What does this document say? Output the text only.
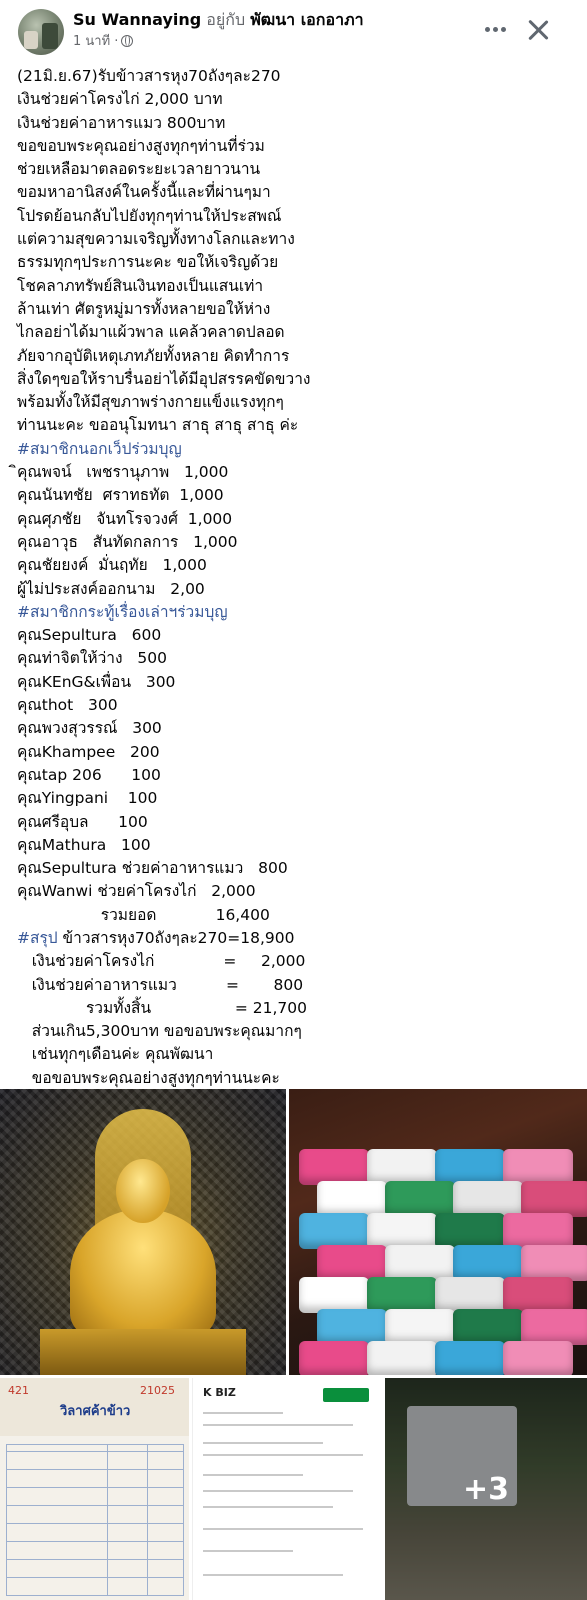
Su Wannaying อยู่กับ พัฒนา เอกอาภา
1 นาที ·
(21มิ.ย.67)รับข้าวสารหุง70ถังๆละ270
เงินช่วยค่าโครงไก่ 2,000 บาท
เงินช่วยค่าอาหารแมว 800บาท
ขอขอบพระคุณอย่างสูงทุกๆท่านที่ร่วม
ช่วยเหลือมาตลอดระยะเวลายาวนาน
ขอมหาอานิสงค์ในครั้งนี้และที่ผ่านๆมา
โปรดย้อนกลับไปยังทุกๆท่านให้ประสพณ์
แต่ความสุขความเจริญทั้งทางโลกและทาง
ธรรมทุกๆประการนะคะ ขอให้เจริญด้วย
โชคลาภทรัพย์สินเงินทองเป็นแสนเท่า
ล้านเท่า ศัตรูหมู่มารทั้งหลายขอให้ห่าง
ไกลอย่าได้มาแผ้วพาล แคล้วคลาดปลอด
ภัยจากอุบัติเหตุเภทภัยทั้งหลาย คิดทำการ
สิ่งใดๆขอให้ราบรื่นอย่าได้มีอุปสรรคขัดขวาง
พร้อมทั้งให้มีสุขภาพร่างกายแข็งแรงทุกๆ
ท่านนะคะ ขออนุโมทนา สาธุ สาธุ สาธุ ค่ะ
#สมาชิกนอกเว็ปร่วมบุญ
ิคุณพจน์   เพชรานุภาพ   1,000
คุณนันทชัย  ศราทธทัต  1,000
คุณศุภชัย   จันทโรจวงศ์  1,000
คุณอาวุธ   สันทัดกลการ   1,000
คุณชัยยงค์  มั่นฤทัย   1,000
ผู้ไม่ประสงค์ออกนาม   2,00
#สมาชิกกระทู้เรื่องเล่าฯร่วมบุญ
คุณSepultura   600
คุณท่าจิตให้ว่าง   500
คุณKEnG&เพื่อน   300
คุณthot   300
คุณพวงสุวรรณ์   300
คุณKhampee   200
คุณtap 206      100
คุณYingpani    100
คุณศรีอุบล      100
คุณMathura   100
คุณSepultura ช่วยค่าอาหารแมว   800
คุณWanwi ช่วยค่าโครงไก่   2,000
รวมยอด            16,400
#สรุป ข้าวสารหุง70ถังๆละ270=18,900
เงินช่วยค่าโครงไก่              =     2,000
เงินช่วยค่าอาหารแมว          =       800
รวมทั้งสิ้น                 = 21,700
ส่วนเกิน5,300บาท ขอขอบพระคุณมากๆ
เช่นทุกๆเดือนค่ะ คุณพัฒนา
ขอขอบพระคุณอย่างสูงทุกๆท่านนะคะ
421	21025
วิลาศค้าข้าว
K BIZ
+3
